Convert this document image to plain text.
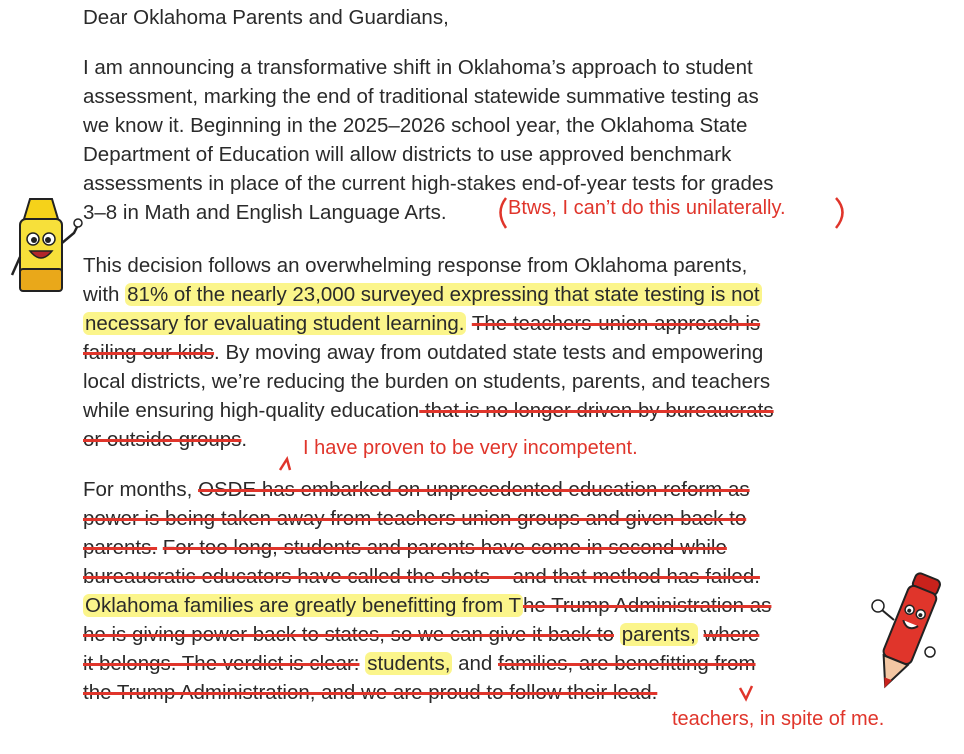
Dear Oklahoma Parents and Guardians,
I am announcing a transformative shift in Oklahoma’s approach to student
assessment, marking the end of traditional statewide summative testing as
we know it. Beginning in the 2025–2026 school year, the Oklahoma State
Department of Education will allow districts to use approved benchmark
assessments in place of the current high-stakes end-of-year tests for grades
3–8 in Math and English Language Arts.	Btws, I can’t do this unilaterally.
This decision follows an overwhelming response from Oklahoma parents,
with 81% of the nearly 23,000 surveyed expressing that state testing is not
necessary for evaluating student learning. The teachers-union approach is
failing our kids. By moving away from outdated state tests and empowering
local districts, we’re reducing the burden on students, parents, and teachers
while ensuring high-quality education that is no longer driven by bureaucrats
or outside groups.	I have proven to be very incompetent.
For months, OSDE has embarked on unprecedented education reform as
power is being taken away from teachers union groups and given back to
parents. For too long, students and parents have come in second while
bureaucratic educators have called the shots – and that method has failed.
Oklahoma families are greatly benefitting from The Trump Administration as
he is giving power back to states, so we can give it back to parents, where
it belongs. The verdict is clear: students, and families, are benefitting from
the Trump Administration, and we are proud to follow their lead.
teachers, in spite of me.
